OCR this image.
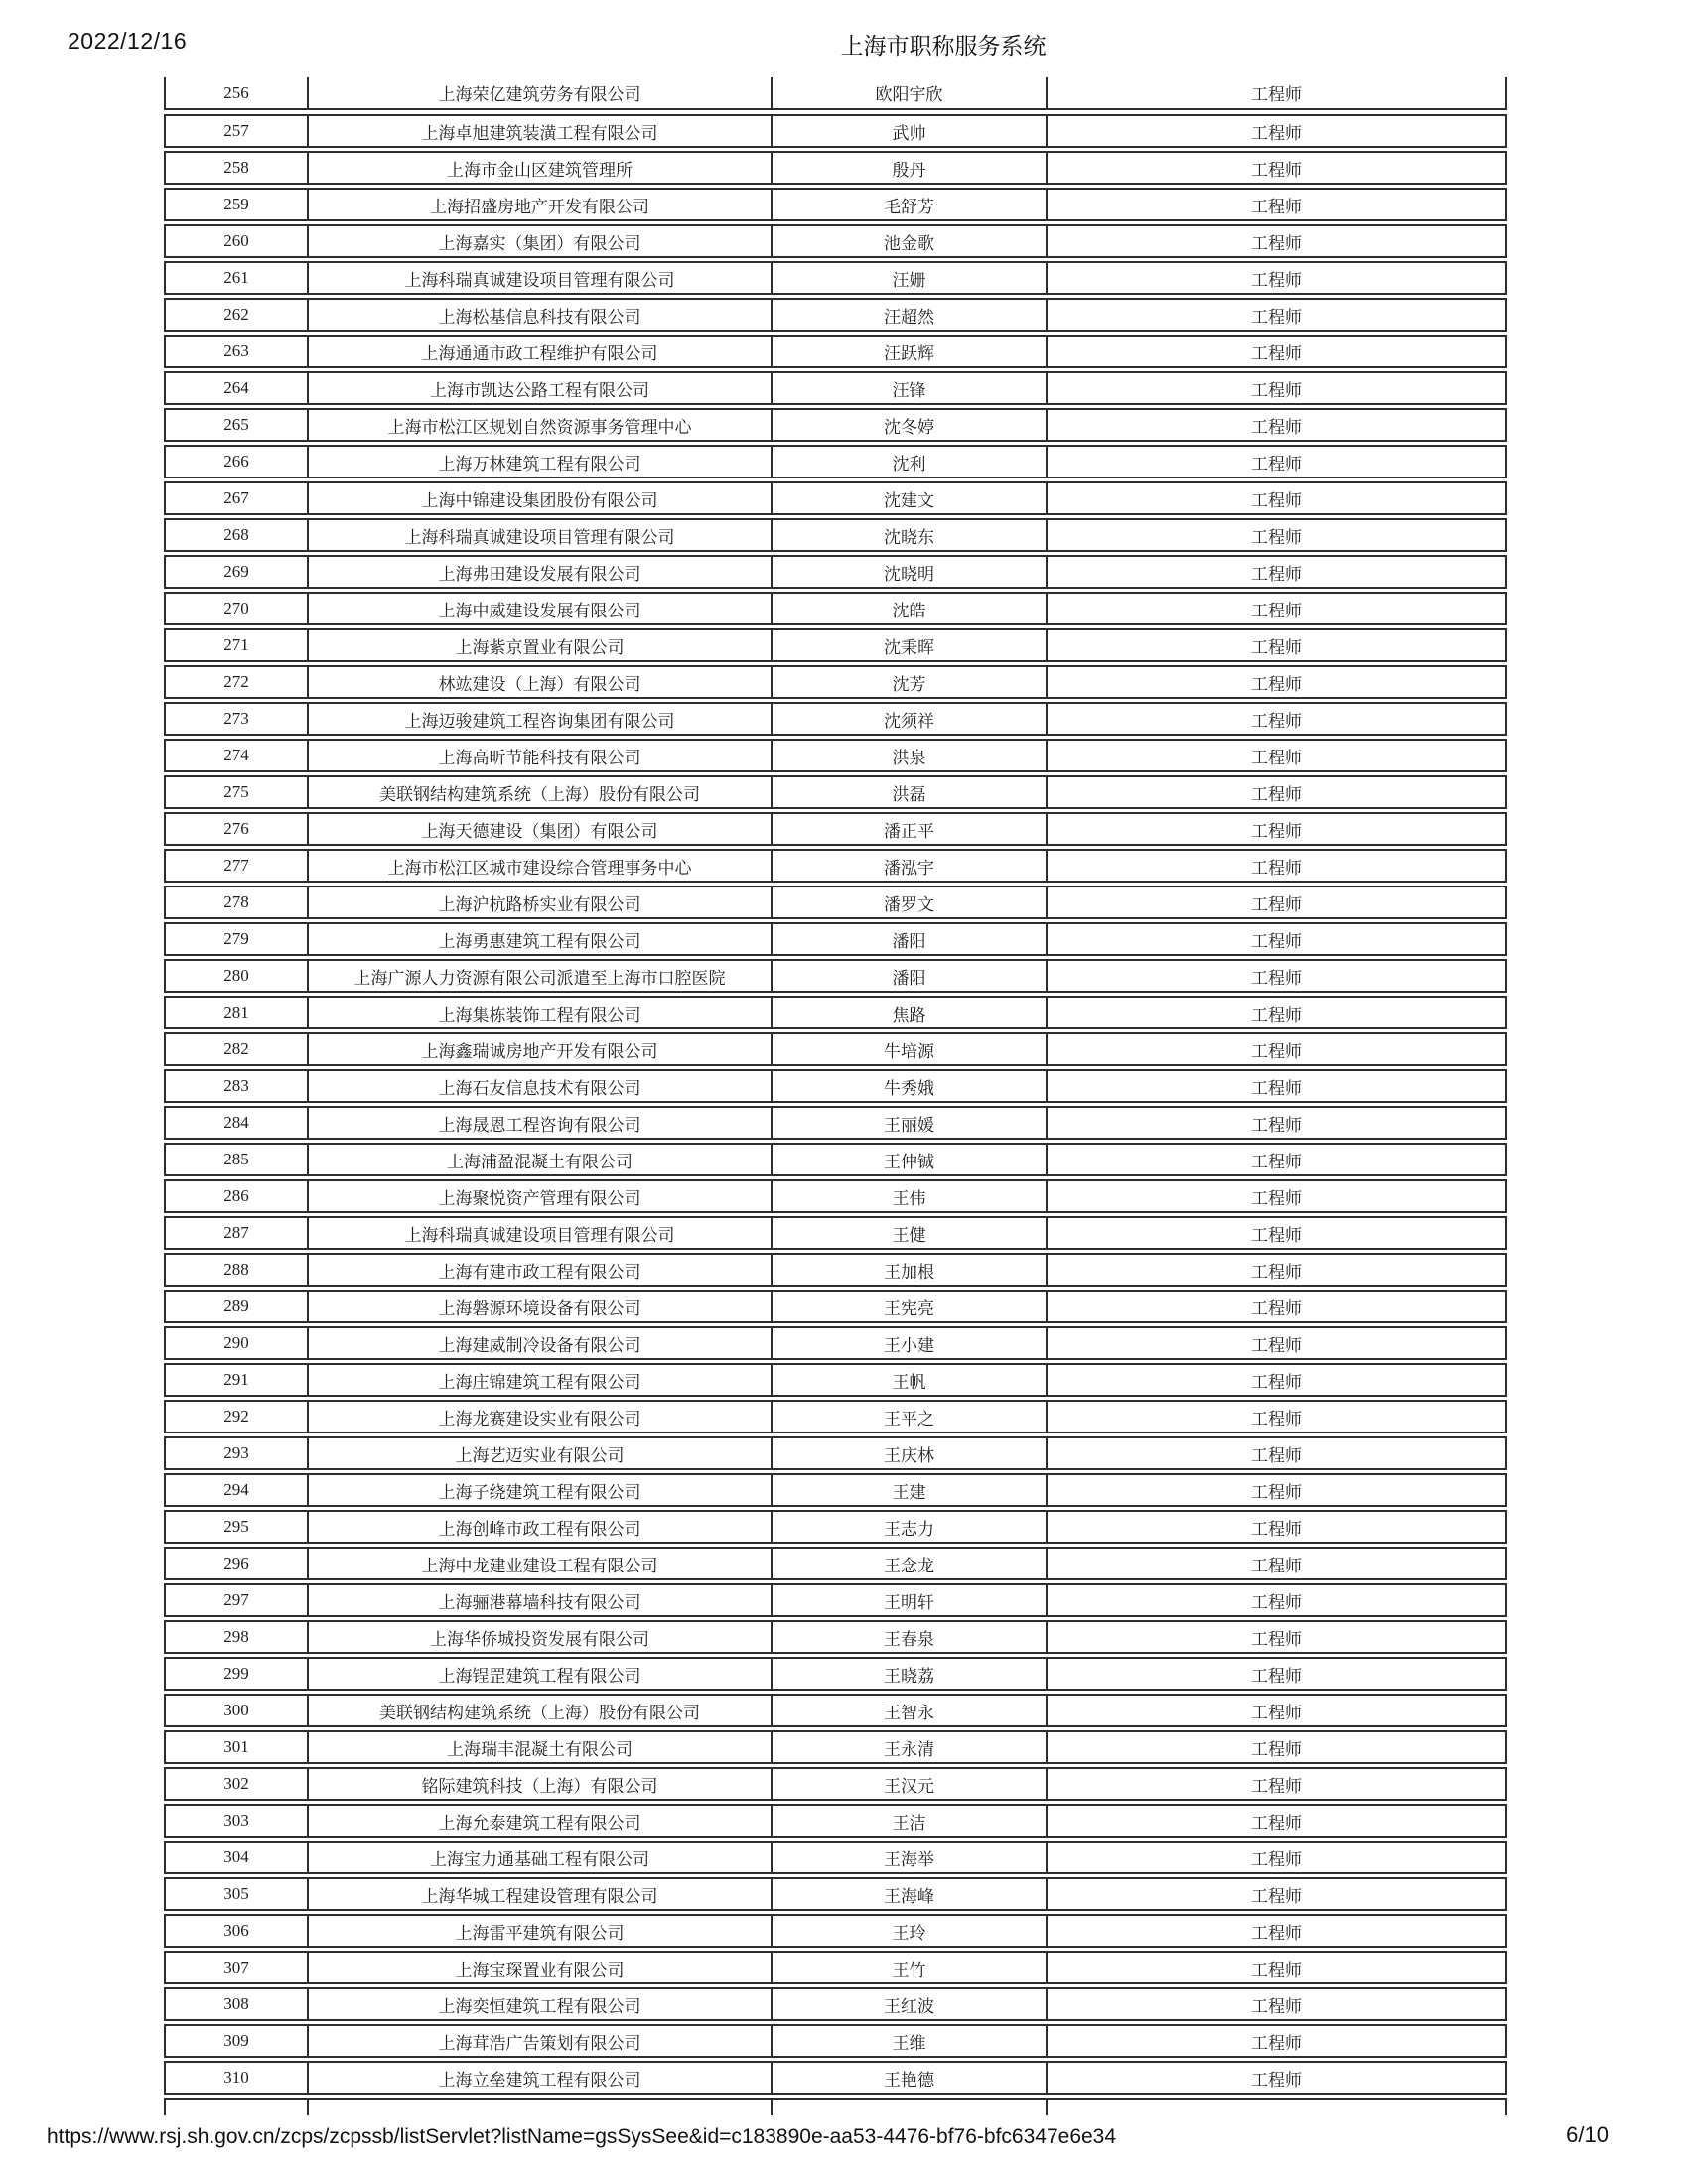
2022/12/16	上海市职称服务系统
256	上海荣亿建筑劳务有限公司	欧阳宇欣	工程师
257	上海卓旭建筑装潢工程有限公司	武帅	工程师
258	上海市金山区建筑管理所	殷丹	工程师
259	上海招盛房地产开发有限公司	毛舒芳	工程师
260	上海嘉实（集团）有限公司	池金歌	工程师
261	上海科瑞真诚建设项目管理有限公司	汪姗	工程师
262	上海松基信息科技有限公司	汪超然	工程师
263	上海通通市政工程维护有限公司	汪跃辉	工程师
264	上海市凯达公路工程有限公司	汪锋	工程师
265	上海市松江区规划自然资源事务管理中心	沈冬婷	工程师
266	上海万林建筑工程有限公司	沈利	工程师
267	上海中锦建设集团股份有限公司	沈建文	工程师
268	上海科瑞真诚建设项目管理有限公司	沈晓东	工程师
269	上海弗田建设发展有限公司	沈晓明	工程师
270	上海中威建设发展有限公司	沈皓	工程师
271	上海紫京置业有限公司	沈秉晖	工程师
272	林竑建设（上海）有限公司	沈芳	工程师
273	上海迈骏建筑工程咨询集团有限公司	沈须祥	工程师
274	上海高昕节能科技有限公司	洪泉	工程师
275	美联钢结构建筑系统（上海）股份有限公司	洪磊	工程师
276	上海天德建设（集团）有限公司	潘正平	工程师
277	上海市松江区城市建设综合管理事务中心	潘泓宇	工程师
278	上海沪杭路桥实业有限公司	潘罗文	工程师
279	上海勇惠建筑工程有限公司	潘阳	工程师
280	上海广源人力资源有限公司派遣至上海市口腔医院	潘阳	工程师
281	上海集栋装饰工程有限公司	焦路	工程师
282	上海鑫瑞诚房地产开发有限公司	牛培源	工程师
283	上海石友信息技术有限公司	牛秀娥	工程师
284	上海晟恩工程咨询有限公司	王丽媛	工程师
285	上海浦盈混凝土有限公司	王仲铖	工程师
286	上海聚悦资产管理有限公司	王伟	工程师
287	上海科瑞真诚建设项目管理有限公司	王健	工程师
288	上海有建市政工程有限公司	王加根	工程师
289	上海磐源环境设备有限公司	王宪亮	工程师
290	上海建威制冷设备有限公司	王小建	工程师
291	上海庄锦建筑工程有限公司	王帆	工程师
292	上海龙赛建设实业有限公司	王平之	工程师
293	上海艺迈实业有限公司	王庆林	工程师
294	上海子绕建筑工程有限公司	王建	工程师
295	上海创峰市政工程有限公司	王志力	工程师
296	上海中龙建业建设工程有限公司	王念龙	工程师
297	上海骊港幕墙科技有限公司	王明轩	工程师
298	上海华侨城投资发展有限公司	王春泉	工程师
299	上海锃罡建筑工程有限公司	王晓荔	工程师
300	美联钢结构建筑系统（上海）股份有限公司	王智永	工程师
301	上海瑞丰混凝土有限公司	王永清	工程师
302	铭际建筑科技（上海）有限公司	王汉元	工程师
303	上海允泰建筑工程有限公司	王洁	工程师
304	上海宝力通基础工程有限公司	王海举	工程师
305	上海华城工程建设管理有限公司	王海峰	工程师
306	上海雷平建筑有限公司	王玲	工程师
307	上海宝琛置业有限公司	王竹	工程师
308	上海奕恒建筑工程有限公司	王红波	工程师
309	上海茸浩广告策划有限公司	王维	工程师
310	上海立垒建筑工程有限公司	王艳德	工程师
https://www.rsj.sh.gov.cn/zcps/zcpssb/listServlet?listName=gsSysSee&id=c183890e-aa53-4476-bf76-bfc6347e6e34	6/10
